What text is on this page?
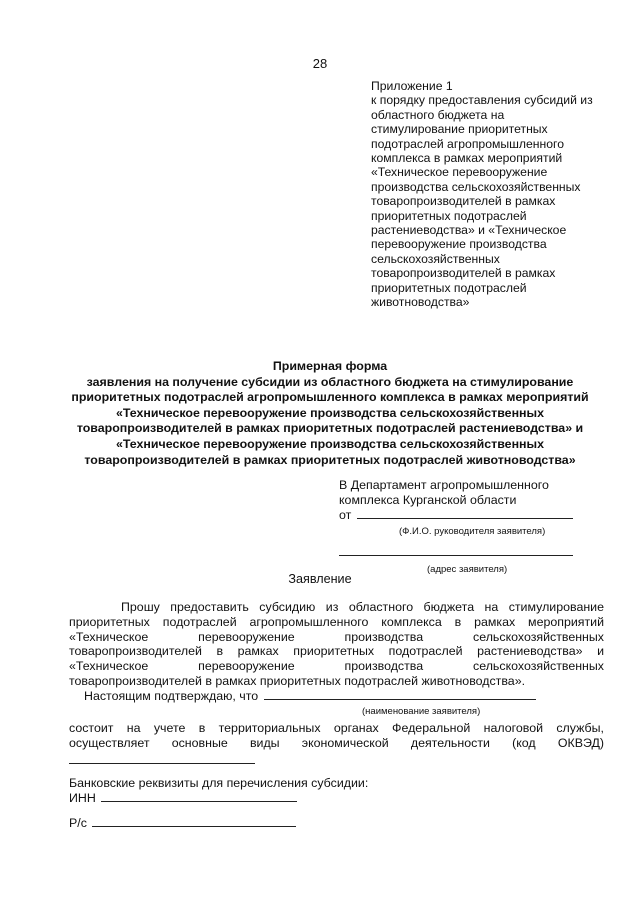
28
Приложение 1
к порядку предоставления субсидий из
областного бюджета на
стимулирование приоритетных
подотраслей агропромышленного
комплекса в рамках мероприятий
«Техническое перевооружение
производства сельскохозяйственных
товаропроизводителей в рамках
приоритетных подотраслей
растениеводства» и «Техническое
перевооружение производства
сельскохозяйственных
товаропроизводителей в рамках
приоритетных подотраслей
животноводства»
Примерная форма
заявления на получение субсидии из областного бюджета на стимулирование
приоритетных подотраслей агропромышленного комплекса в рамках мероприятий
«Техническое перевооружение производства сельскохозяйственных
товаропроизводителей в рамках приоритетных подотраслей растениеводства» и
«Техническое перевооружение производства сельскохозяйственных
товаропроизводителей в рамках приоритетных подотраслей животноводства»
В Департамент агропромышленного
комплекса Курганской области
от
(Ф.И.О. руководителя заявителя)
(адрес заявителя)
Заявление
Прошу предоставить субсидию из областного бюджета на стимулирование
приоритетных подотраслей агропромышленного комплекса в рамках мероприятий
«Техническое перевооружение производства сельскохозяйственных
товаропроизводителей в рамках приоритетных подотраслей растениеводства» и
«Техническое перевооружение производства сельскохозяйственных
товаропроизводителей в рамках приоритетных подотраслей животноводства».
Настоящим подтверждаю, что
(наименование заявителя)
состоит на учете в территориальных органах Федеральной налоговой службы,
осуществляет основные виды экономической деятельности (код ОКВЭД)
Банковские реквизиты для перечисления субсидии:
ИНН
Р/с
